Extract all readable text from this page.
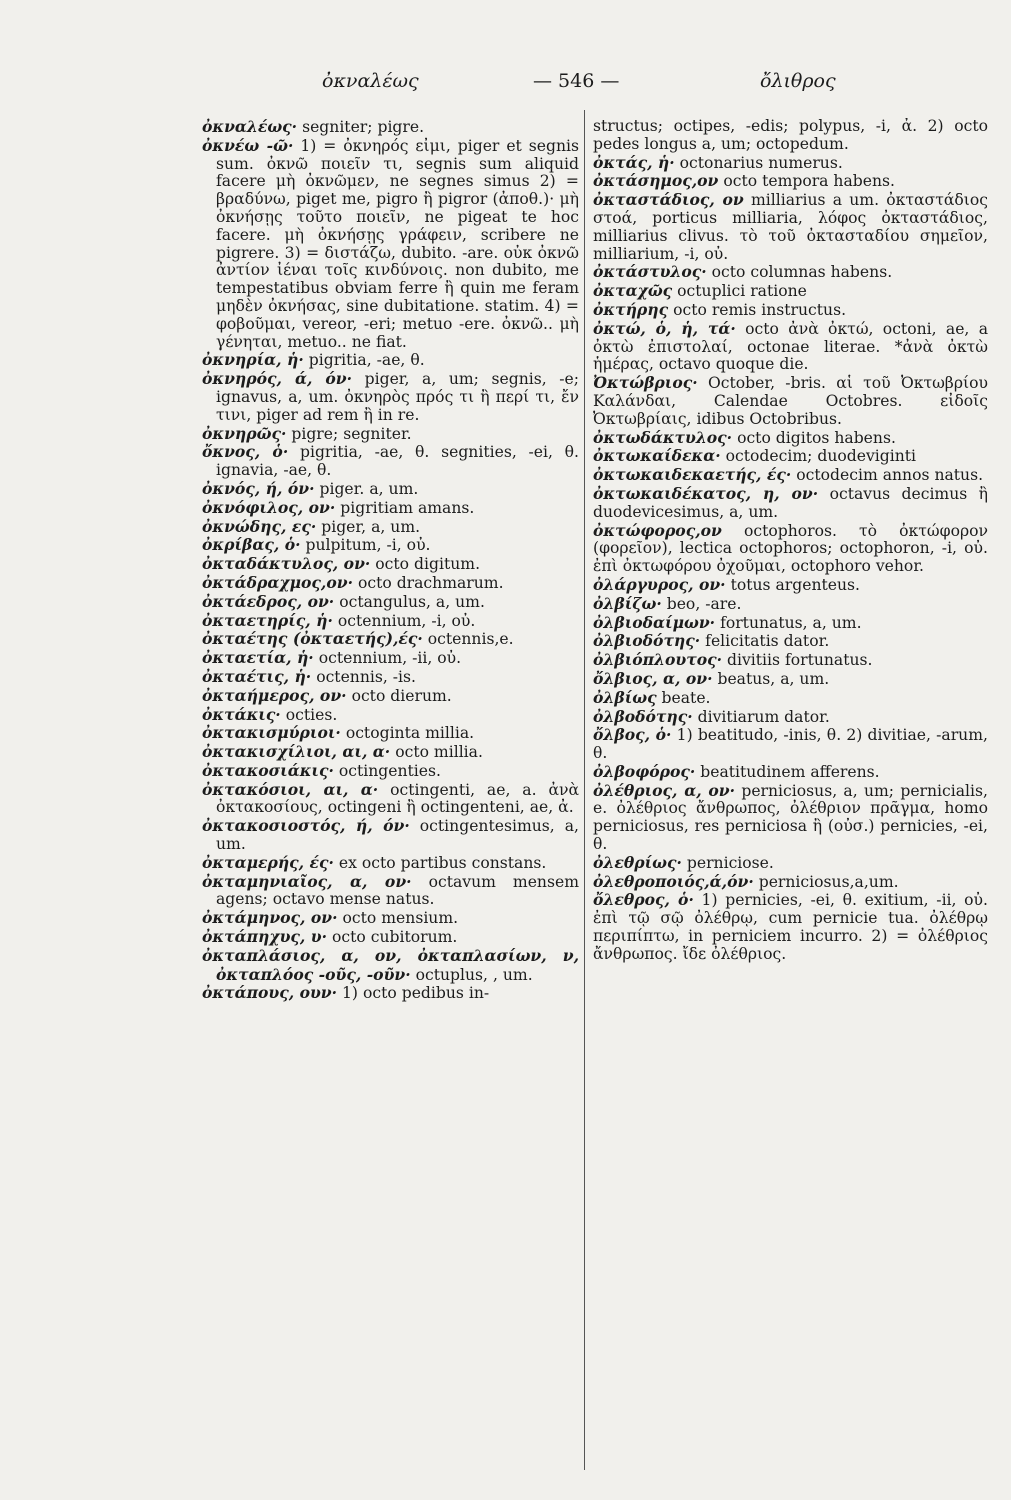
ὀκναλέως	— 546 —	ὄλιθρος

ὀκναλέως· segniter; pigre.

ὀκνέω -ῶ· 1) = ὀκνηρός εἰμι, piger et segnis sum. ὀκνῶ ποιεῖν τι, segnis sum aliquid facere μὴ ὀκνῶμεν, ne segnes simus 2) = βραδύνω, piget me, pigro ἢ pigror (ἀποθ.)· μὴ ὀκνήσῃς τοῦτο ποιεῖν, ne pigeat te hoc facere. μὴ ὀκνήσῃς γράφειν, scribere ne pigrere. 3) = διστάζω, dubito. -are. οὐκ ὀκνῶ ἀντίον ἰέναι τοῖς κινδύνοις. non dubito, me tempestatibus obviam ferre ἢ quin me feram μηδὲν ὀκνήσας, sine dubitatione. statim. 4) = φοβοῦμαι, vereor, -eri; metuo -ere. ὀκνῶ.. μὴ γένηται, metuo.. ne fiat.

ὀκνηρία, ἡ· pigritia, -ae, θ.

ὀκνηρός, ά, όν· piger, a, um; segnis, -e; ignavus, a, um. ὀκνηρὸς πρός τι ἢ περί τι, ἔν τινι, piger ad rem ἢ in re.

ὀκνηρῶς· pigre; segniter.

ὄκνος, ὁ· pigritia, -ae, θ. segnities, -ei, θ. ignavia, -ae, θ.

ὀκνός, ή, όν· piger. a, um.

ὀκνόφιλος, ον· pigritiam amans.

ὀκνώδης, ες· piger, a, um.

ὀκρίβας, ὁ· pulpitum, -i, οὐ.

ὀκταδάκτυλος, ον· octo digitum.

ὀκτάδραχμος,ον· octo drachmarum.

ὀκτάεδρος, ον· octangulus, a, um.

ὀκταετηρίς, ἡ· octennium, -i, οὐ.

ὀκταέτης (ὀκταετής),ές· octennis,e.

ὀκταετία, ἡ· octennium, -ii, οὐ.

ὀκταέτις, ἡ· octennis, -is.

ὀκταήμερος, ον· octo dierum.

ὀκτάκις· octies.

ὀκτακισμύριοι· octoginta millia.

ὀκτακισχίλιοι, αι, α· octo millia.

ὀκτακοσιάκις· octingenties.

ὀκτακόσιοι, αι, α· octingenti, ae, a. ἀνὰ ὀκτακοσίους, octingeni ἢ octingenteni, ae, ἀ.

ὀκτακοσιοστός, ή, όν· octingentesimus, a, um.

ὀκταμερής, ές· ex octo partibus constans.

ὀκταμηνιαῖος, α, ον· octavum mensem agens; octavo mense natus.

ὀκτάμηνος, ον· octo mensium.

ὀκτάπηχυς, υ· octo cubitorum.

ὀκταπλάσιος, α, ον, ὀκταπλασίων, ν, ὀκταπλόος -οῦς, -οῦν· octuplus, , um.

ὀκτάπους, ουν· 1) octo pedibus in-

structus; octipes, -edis; polypus, -i, ἀ. 2) octo pedes longus a, um; octopedum.

ὀκτάς, ἡ· octonarius numerus.

ὀκτάσημος,ον octo tempora habens.

ὀκταστάδιος, ον milliarius a um. ὀκταστάδιος στοά, porticus milliaria, λόφος ὀκταστάδιος, milliarius clivus. τὸ τοῦ ὀκτασταδίου σημεῖον, milliarium, -i, οὐ.

ὀκτάστυλος· octo columnas habens.

ὀκταχῶς octuplici ratione

ὀκτήρης octo remis instructus.

ὀκτώ, ὁ, ἡ, τά· octo ἀνὰ ὀκτώ, octoni, ae, a ὀκτὼ ἐπιστολαί, octonae literae. *ἀνὰ ὀκτὼ ἡμέρας, octavo quoque die.

Ὀκτώβριος· October, -bris. αἱ τοῦ Ὀκτωβρίου Καλάνδαι, Calendae Octobres. εἰδοῖς Ὀκτωβρίαις, idibus Octobribus.

ὀκτωδάκτυλος· octo digitos habens.

ὀκτωκαίδεκα· octodecim; duodeviginti

ὀκτωκαιδεκαετής, ές· octodecim annos natus.

ὀκτωκαιδέκατος, η, ον· octavus decimus ἢ duodevicesimus, a, um.

ὀκτώφορος,ον octophoros. τὸ ὀκτώφορον (φορεῖον), lectica octophoros; octophoron, -i, οὐ. ἐπὶ ὀκτωφόρου ὀχοῦμαι, octophoro vehor.

ὀλάργυρος, ον· totus argenteus.

ὀλβίζω· beo, -are.

ὀλβιοδαίμων· fortunatus, a, um.

ὀλβιοδότης· felicitatis dator.

ὀλβιόπλουτος· divitiis fortunatus.

ὄλβιος, α, ον· beatus, a, um.

ὀλβίως beate.

ὀλβοδότης· divitiarum dator.

ὄλβος, ὁ· 1) beatitudo, -inis, θ. 2) divitiae, -arum, θ.

ὀλβοφόρος· beatitudinem afferens.

ὀλέθριος, α, ον· perniciosus, a, um; pernicialis, e. ὀλέθριος ἄνθρωπος, ὀλέθριον πρᾶγμα, homo perniciosus, res perniciosa ἢ (οὐσ.) pernicies, -ei, θ.

ὀλεθρίως· perniciose.

ὀλεθροποιός,ά,όν· perniciosus,a,um.

ὄλεθρος, ὁ· 1) pernicies, -ei, θ. exitium, -ii, οὐ. ἐπὶ τῷ σῷ ὀλέθρῳ, cum pernicie tua. ὀλέθρῳ περιπίπτω, in perniciem incurro. 2) = ὀλέθριος ἄνθρωπος. ἴδε ὀλέθριος.
